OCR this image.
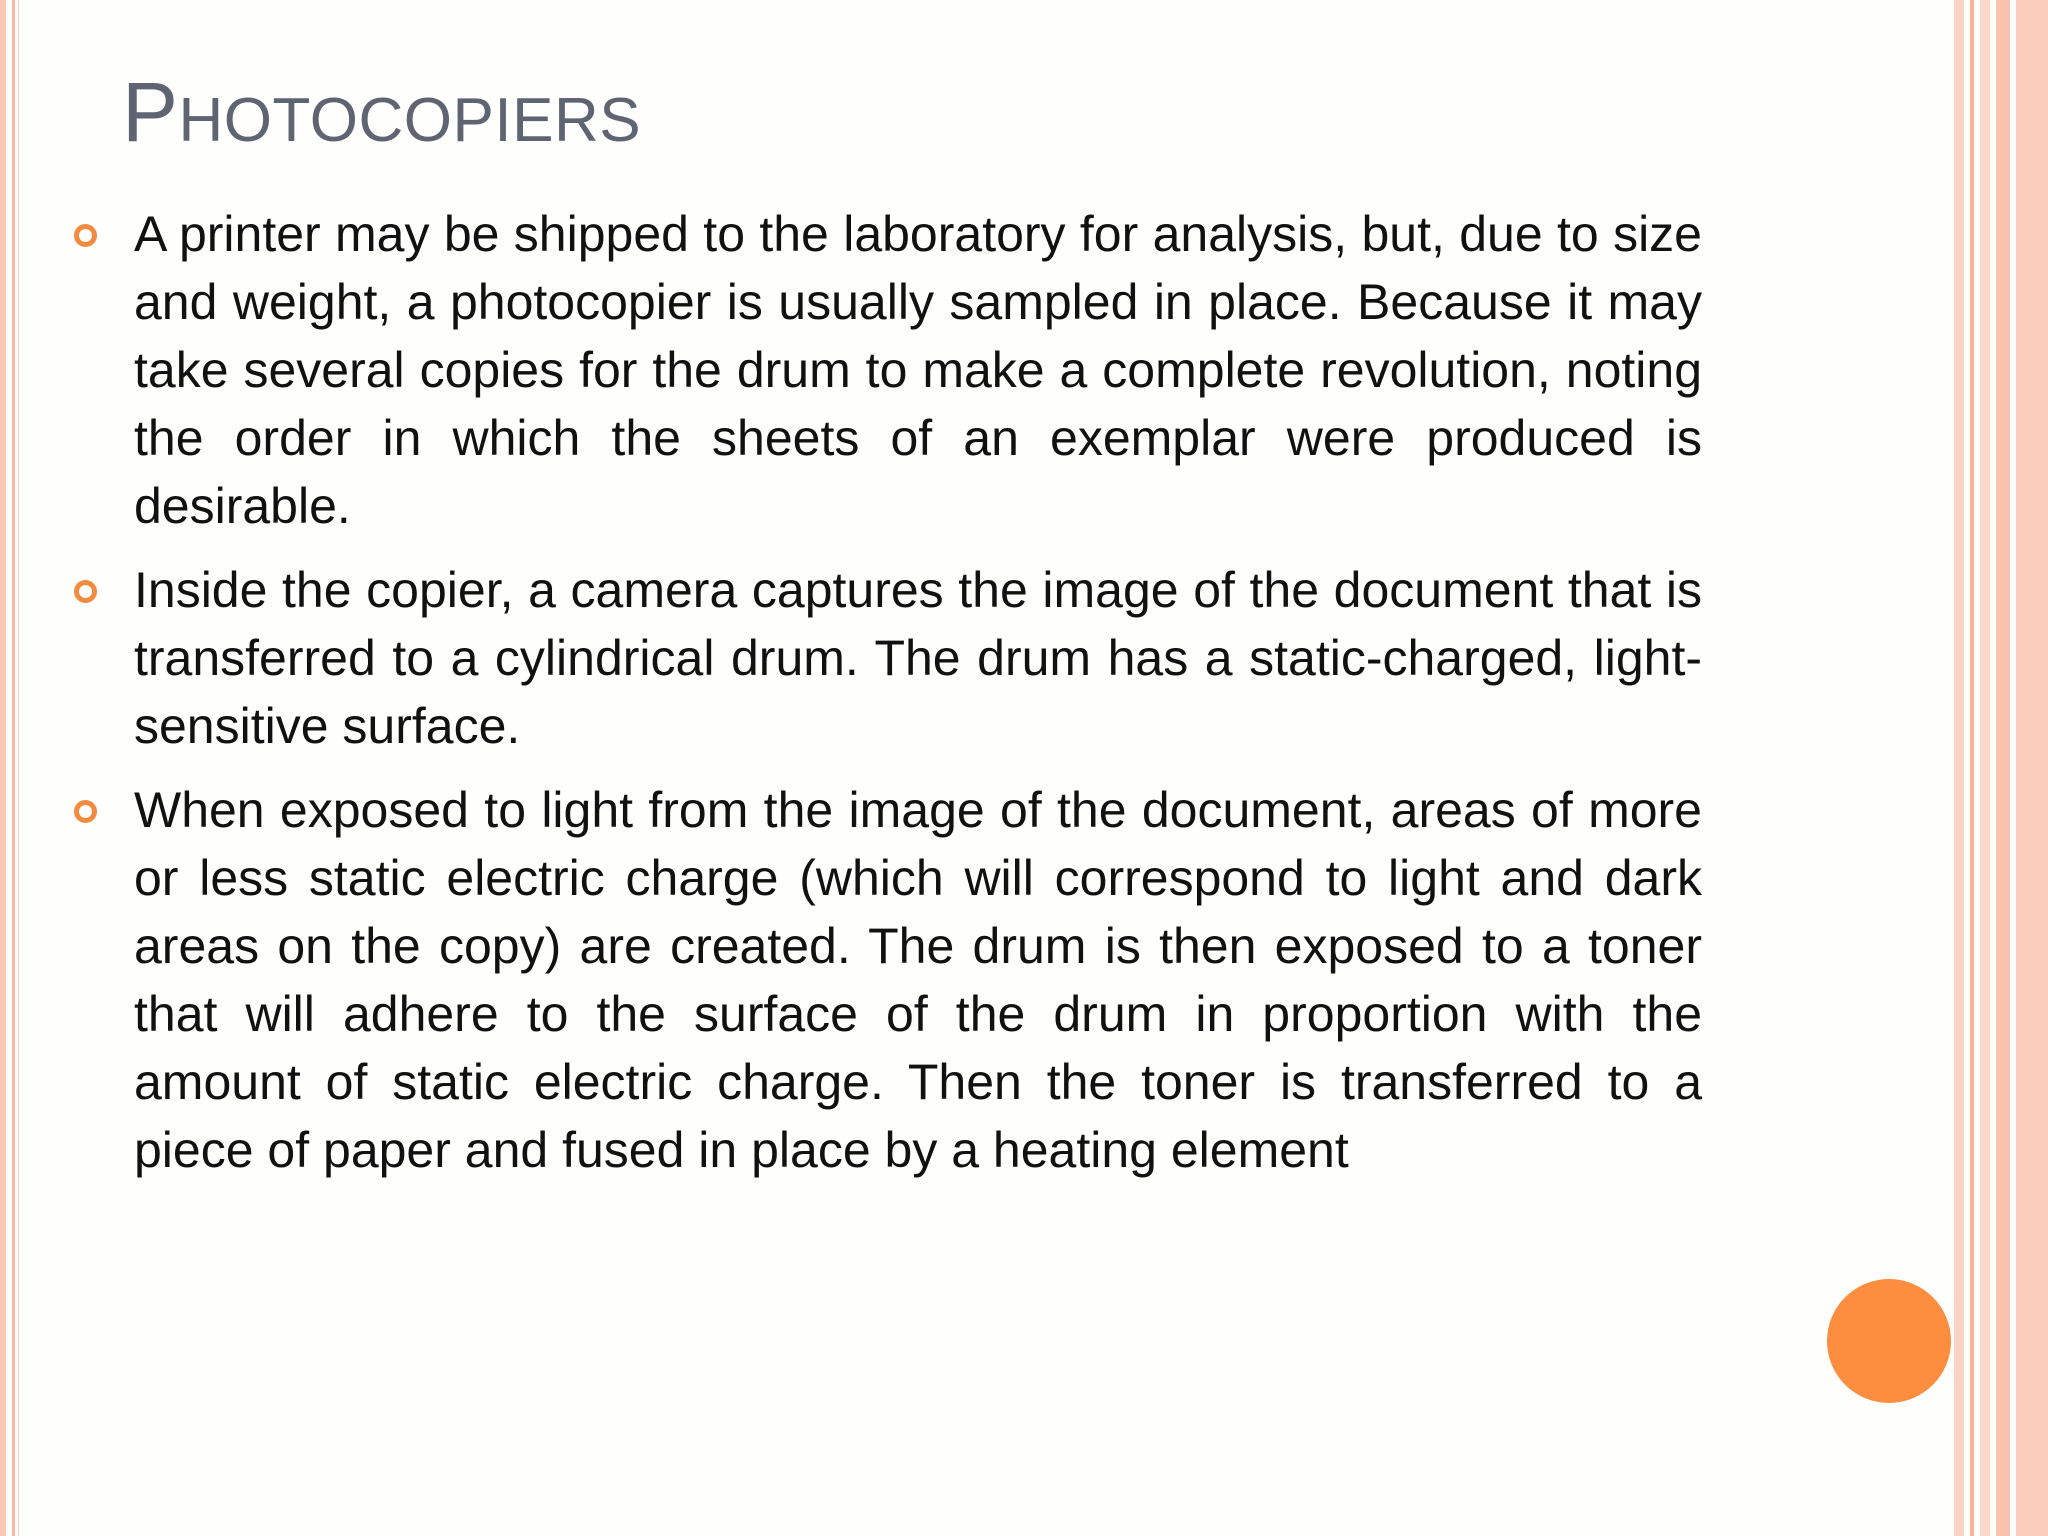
PHOTOCOPIERS
A printer may be shipped to the laboratory for analysis, but, due to size and weight, a photocopier is usually sampled in place. Because it may take several copies for the drum to make a complete revolution, noting the order in which the sheets of an exemplar were produced is desirable.
Inside the copier, a camera captures the image of the document that is transferred to a cylindrical drum. The drum has a static-charged, light-sensitive surface.
When exposed to light from the image of the document, areas of more or less static electric charge (which will correspond to light and dark areas on the copy) are created. The drum is then exposed to a toner that will adhere to the surface of the drum in proportion with the amount of static electric charge. Then the toner is transferred to a piece of paper and fused in place by a heating element
